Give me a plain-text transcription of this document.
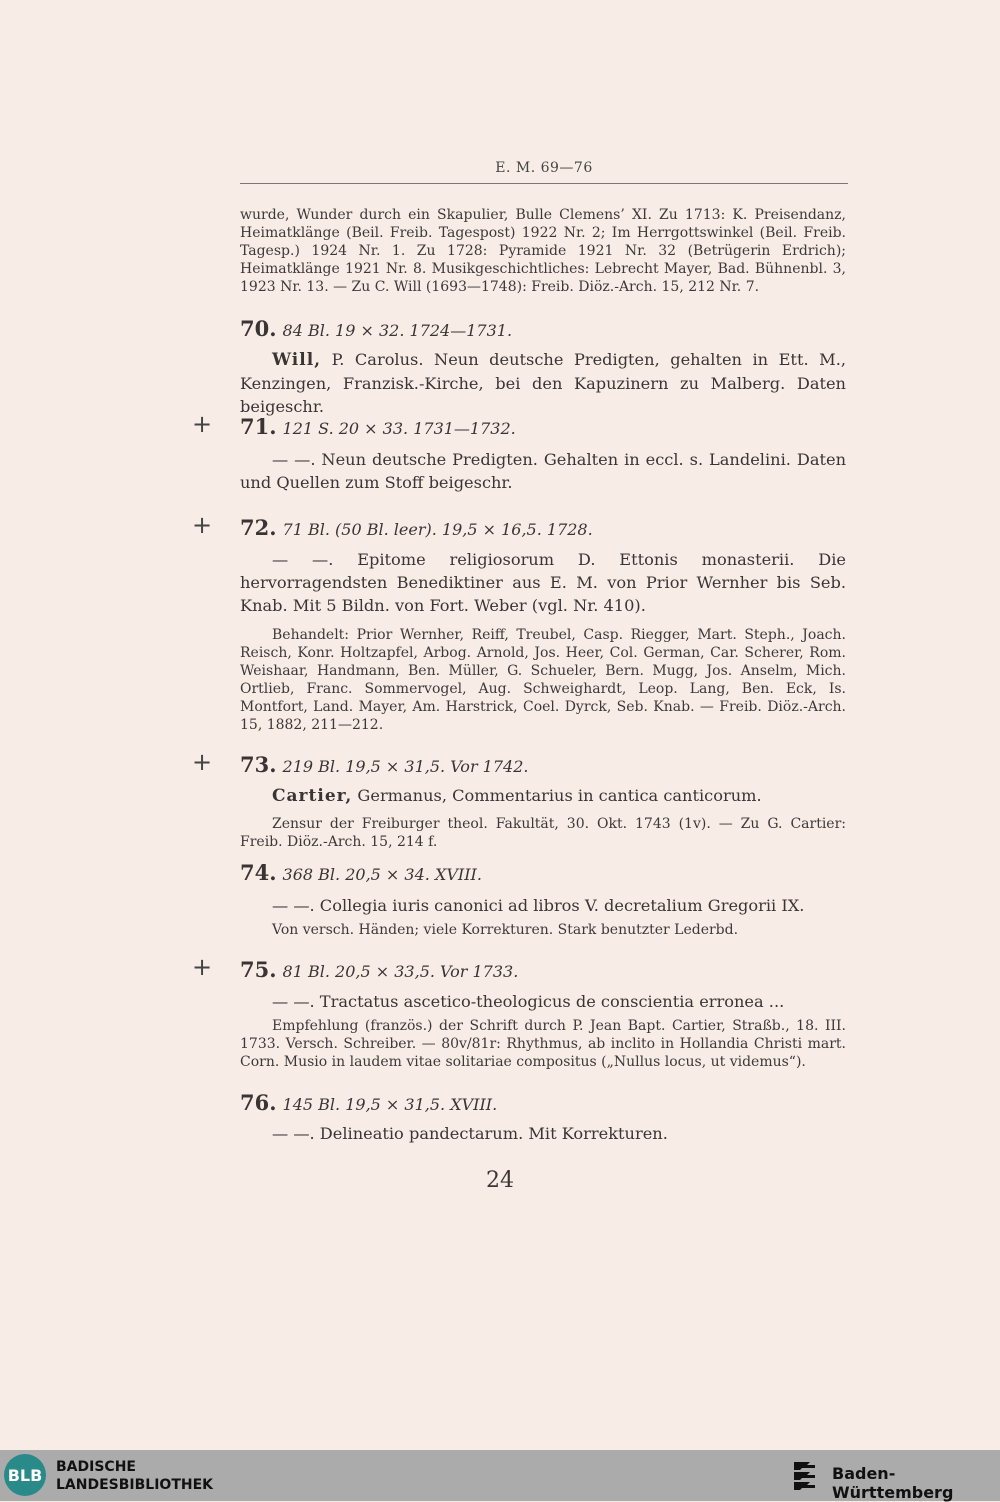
E. M. 69—76
wurde, Wunder durch ein Skapulier, Bulle Clemens’ XI. Zu 1713: K. Preisendanz, Heimatklänge (Beil. Freib. Tagespost) 1922 Nr. 2; Im Herrgottswinkel (Beil. Freib. Tagesp.) 1924 Nr. 1. Zu 1728: Pyramide 1921 Nr. 32 (Betrügerin Erdrich); Heimatklänge 1921 Nr. 8. Musikgeschichtliches: Lebrecht Mayer, Bad. Bühnenbl. 3, 1923 Nr. 13. — Zu C. Will (1693—1748): Freib. Diöz.-Arch. 15, 212 Nr. 7.
70. 84 Bl. 19 × 32. 1724—1731.
Will, P. Carolus. Neun deutsche Predigten, gehalten in Ett. M., Kenzingen, Franzisk.-Kirche, bei den Kapuzinern zu Malberg. Daten beigeschr.
+ 71. 121 S. 20 × 33. 1731—1732.
— —. Neun deutsche Predigten. Gehalten in eccl. s. Landelini. Daten und Quellen zum Stoff beigeschr.
+ 72. 71 Bl. (50 Bl. leer). 19,5 × 16,5. 1728.
— —. Epitome religiosorum D. Ettonis monasterii. Die hervorragendsten Benediktiner aus E. M. von Prior Wernher bis Seb. Knab. Mit 5 Bildn. von Fort. Weber (vgl. Nr. 410).
Behandelt: Prior Wernher, Reiff, Treubel, Casp. Riegger, Mart. Steph., Joach. Reisch, Konr. Holtzapfel, Arbog. Arnold, Jos. Heer, Col. German, Car. Scherer, Rom. Weishaar, Handmann, Ben. Müller, G. Schueler, Bern. Mugg, Jos. Anselm, Mich. Ortlieb, Franc. Sommervogel, Aug. Schweighardt, Leop. Lang, Ben. Eck, Is. Montfort, Land. Mayer, Am. Harstrick, Coel. Dyrck, Seb. Knab. — Freib. Diöz.-Arch. 15, 1882, 211—212.
+ 73. 219 Bl. 19,5 × 31,5. Vor 1742.
Cartier, Germanus, Commentarius in cantica canticorum.
Zensur der Freiburger theol. Fakultät, 30. Okt. 1743 (1v). — Zu G. Cartier: Freib. Diöz.-Arch. 15, 214 f.
74. 368 Bl. 20,5 × 34. XVIII.
— —. Collegia iuris canonici ad libros V. decretalium Gregorii IX.
Von versch. Händen; viele Korrekturen. Stark benutzter Lederbd.
+ 75. 81 Bl. 20,5 × 33,5. Vor 1733.
— —. Tractatus ascetico-theologicus de conscientia erronea ...
Empfehlung (französ.) der Schrift durch P. Jean Bapt. Cartier, Straßb., 18. III. 1733. Versch. Schreiber. — 80v/81r: Rhythmus, ab inclito in Hollandia Christi mart. Corn. Musio in laudem vitae solitariae compositus („Nullus locus, ut videmus“).
76. 145 Bl. 19,5 × 31,5. XVIII.
— —. Delineatio pandectarum. Mit Korrekturen.
24
BLB BADISCHE
LANDESBIBLIOTHEK
Baden-Württemberg
